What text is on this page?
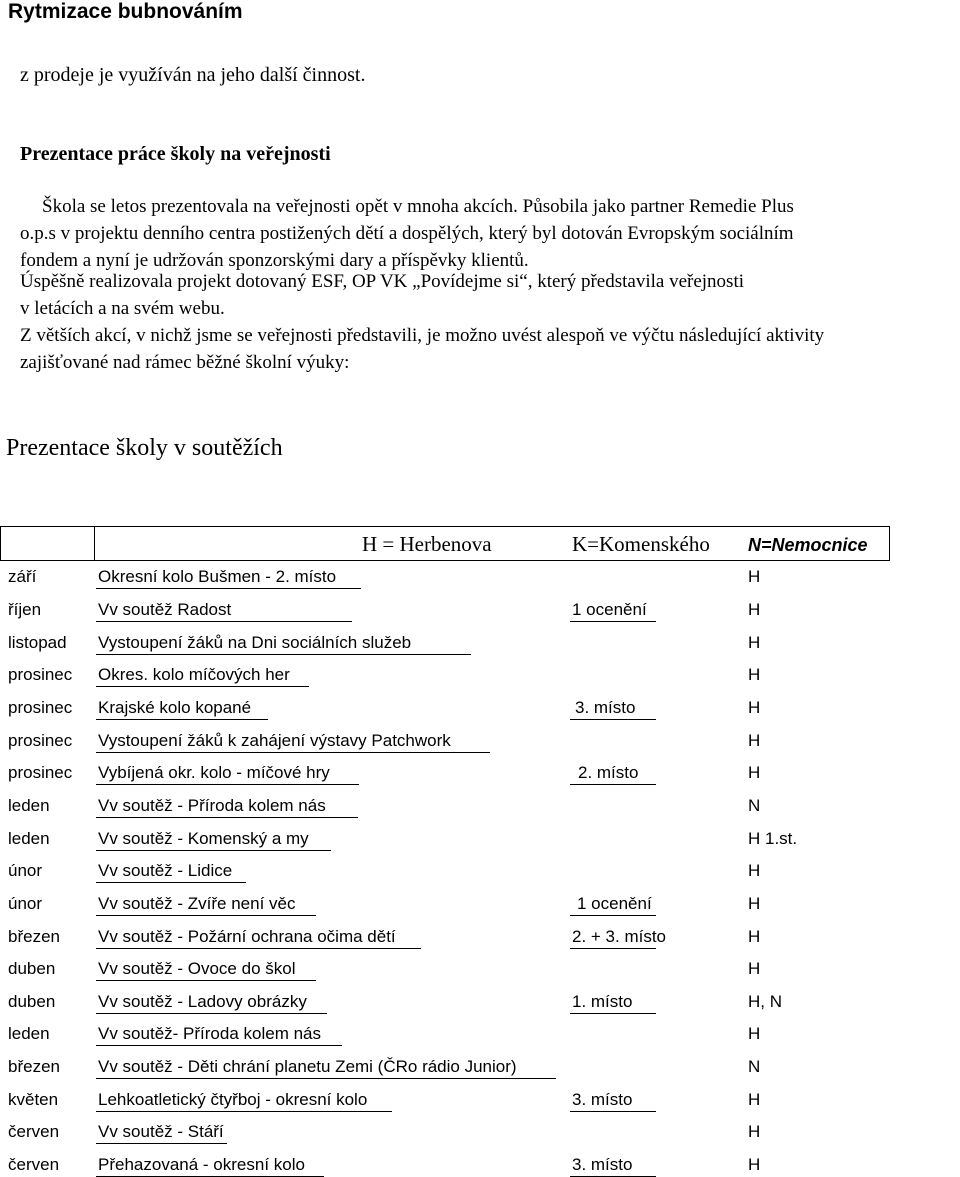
Rytmizace bubnováním
z prodeje je využíván na jeho další činnost.
Prezentace práce školy na veřejnosti
Škola se letos prezentovala na veřejnosti opět v mnoha akcích. Působila jako partner Remedie Plus
o.p.s v projektu denního centra postižených dětí a dospělých, který byl dotován Evropským sociálním
fondem a nyní je udržován sponzorskými dary a příspěvky klientů.
Úspěšně realizovala projekt dotovaný ESF, OP VK „Povídejme si“, který představila veřejnosti
v letácích a na svém webu.
Z větších akcí, v nichž jsme se veřejnosti představili, je možno uvést alespoň ve výčtu následující aktivity
zajišťované nad rámec běžné školní výuky:
Prezentace školy v soutěžích
H = Herbenova	K=Komenského N=Nemocnice
září	Okresní kolo Bušmen - 2. místo	H
říjen	Vv soutěž Radost	1 ocenění	H
listopad Vystoupení žáků na Dni sociálních služeb	H
prosinec Okres. kolo míčových her	H
prosinec Krajské kolo kopané	3. místo	H
prosinec Vystoupení žáků k zahájení výstavy Patchwork	H
prosinec Vybíjená okr. kolo - míčové hry	2. místo	H
leden	Vv soutěž - Příroda kolem nás	N
leden	Vv soutěž - Komenský a my	H 1.st.
únor	Vv soutěž - Lidice	H
únor	Vv soutěž - Zvíře není věc	1 ocenění	H
březen Vv soutěž - Požární ochrana očima dětí	2. + 3. místo	H
duben	Vv soutěž - Ovoce do škol	H
duben	Vv soutěž - Ladovy obrázky	1. místo	H, N
leden	Vv soutěž- Příroda kolem nás	H
březen Vv soutěž - Děti chrání planetu Zemi (ČRo rádio Junior)	N
květen Lehkoatletický čtyřboj - okresní kolo	3. místo	H
červen Vv soutěž - Stáří	H
červen Přehazovaná - okresní kolo	3. místo	H
